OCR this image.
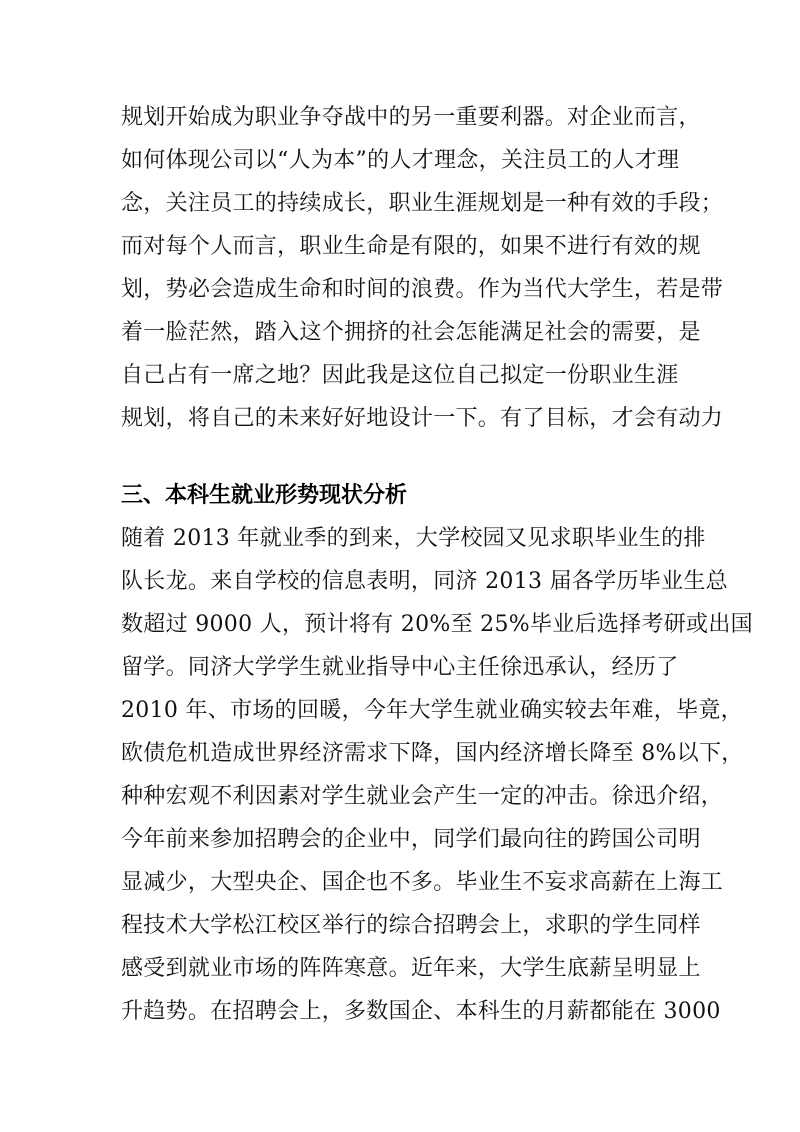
规划开始成为职业争夺战中的另一重要利器。对企业而言，
如何体现公司以“人为本”的人才理念，关注员工的人才理
念，关注员工的持续成长，职业生涯规划是一种有效的手段；
而对每个人而言，职业生命是有限的，如果不进行有效的规
划，势必会造成生命和时间的浪费。作为当代大学生，若是带
着一脸茫然，踏入这个拥挤的社会怎能满足社会的需要，是
自己占有一席之地？因此我是这位自己拟定一份职业生涯
规划，将自己的未来好好地设计一下。有了目标，才会有动力
三、本科生就业形势现状分析
随着 2013 年就业季的到来，大学校园又见求职毕业生的排
队长龙。来自学校的信息表明，同济 2013 届各学历毕业生总
数超过 9000 人，预计将有 20%至 25%毕业后选择考研或出国
留学。同济大学学生就业指导中心主任徐迅承认，经历了
2010 年、市场的回暖，今年大学生就业确实较去年难，毕竟，
欧债危机造成世界经济需求下降，国内经济增长降至 8%以下，
种种宏观不利因素对学生就业会产生一定的冲击。徐迅介绍，
今年前来参加招聘会的企业中，同学们最向往的跨国公司明
显减少，大型央企、国企也不多。毕业生不妄求高薪在上海工
程技术大学松江校区举行的综合招聘会上，求职的学生同样
感受到就业市场的阵阵寒意。近年来，大学生底薪呈明显上
升趋势。在招聘会上，多数国企、本科生的月薪都能在 3000
